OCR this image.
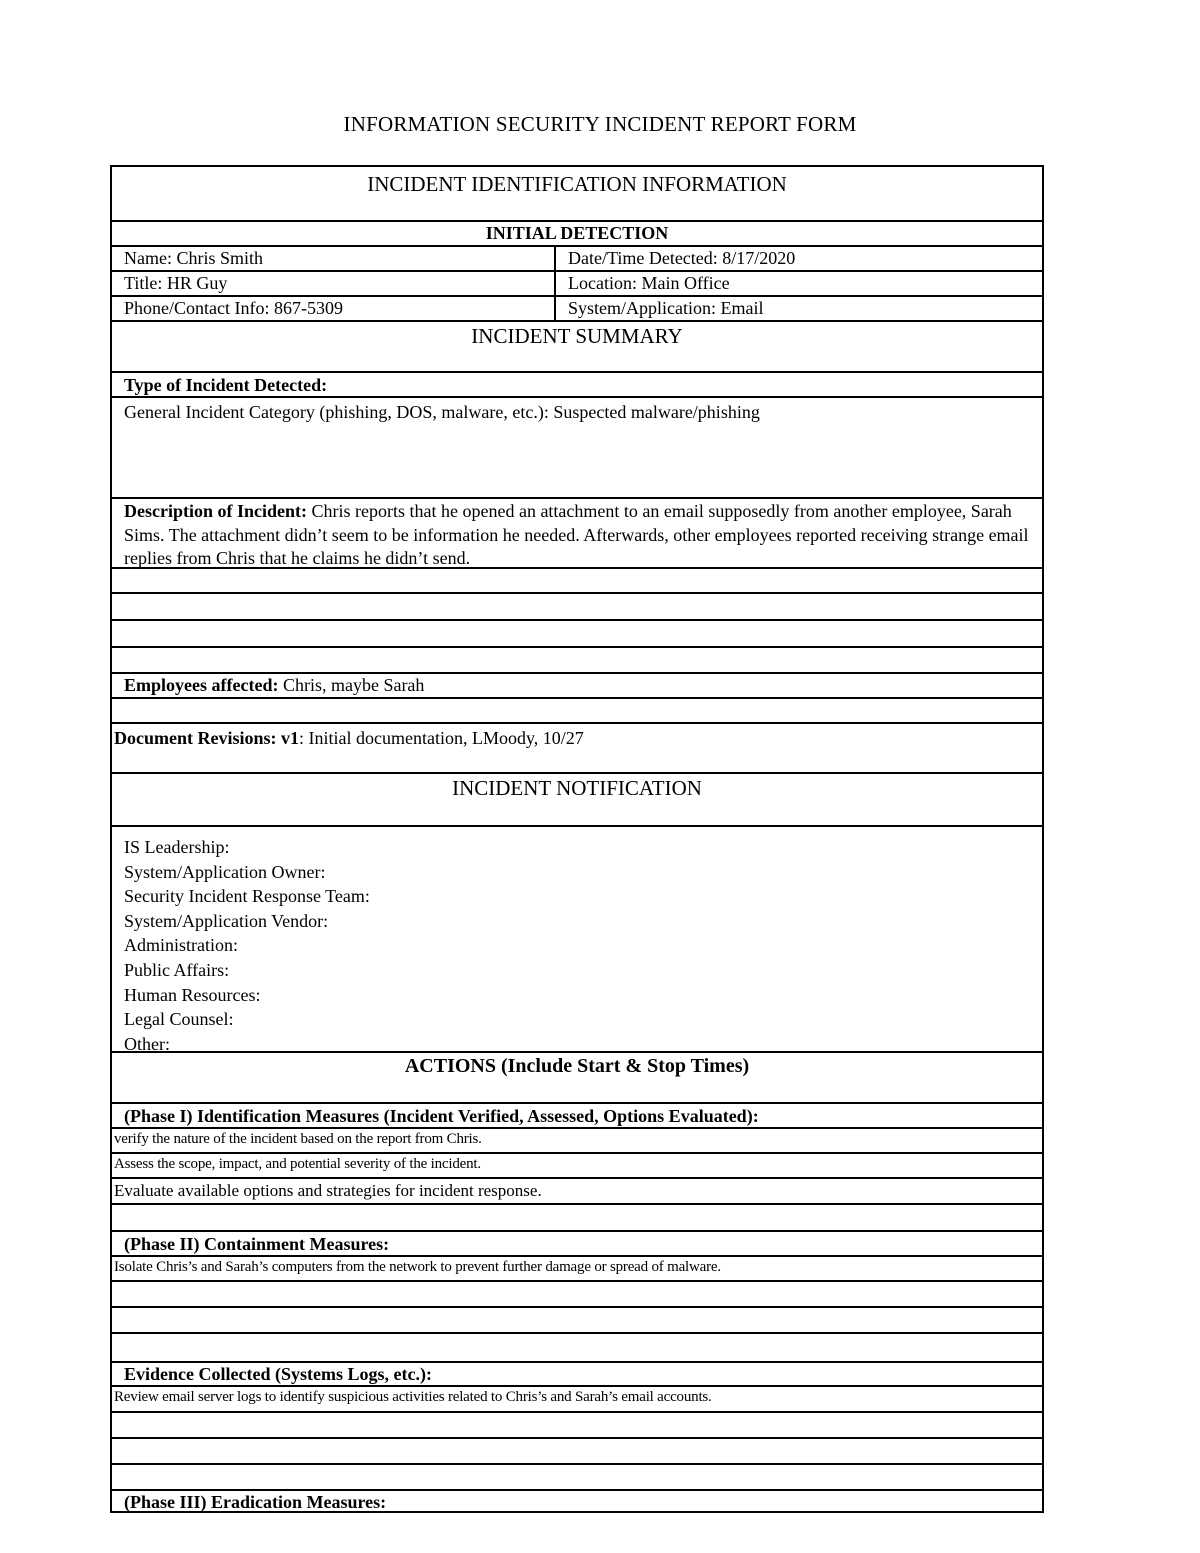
INFORMATION SECURITY INCIDENT REPORT FORM
INCIDENT IDENTIFICATION INFORMATION
INITIAL DETECTION
Name: Chris Smith	Date/Time Detected: 8/17/2020
Title: HR Guy	Location: Main Office
Phone/Contact Info: 867-5309	System/Application: Email
INCIDENT SUMMARY
Type of Incident Detected:
General Incident Category (phishing, DOS, malware, etc.): Suspected malware/phishing
Description of Incident: Chris reports that he opened an attachment to an email supposedly from another employee, Sarah Sims. The attachment didn’t seem to be information he needed. Afterwards, other employees reported receiving strange email replies from Chris that he claims he didn’t send.
Employees affected: Chris, maybe Sarah
Document Revisions: v1: Initial documentation, LMoody, 10/27
INCIDENT NOTIFICATION
IS Leadership:
System/Application Owner:
Security Incident Response Team:
System/Application Vendor:
Administration:
Public Affairs:
Human Resources:
Legal Counsel:
Other:
ACTIONS (Include Start & Stop Times)
(Phase I) Identification Measures (Incident Verified, Assessed, Options Evaluated):
verify the nature of the incident based on the report from Chris.
Assess the scope, impact, and potential severity of the incident.
Evaluate available options and strategies for incident response.
(Phase II) Containment Measures:
Isolate Chris’s and Sarah’s computers from the network to prevent further damage or spread of malware.
Evidence Collected (Systems Logs, etc.):
Review email server logs to identify suspicious activities related to Chris’s and Sarah’s email accounts.
(Phase III) Eradication Measures:
